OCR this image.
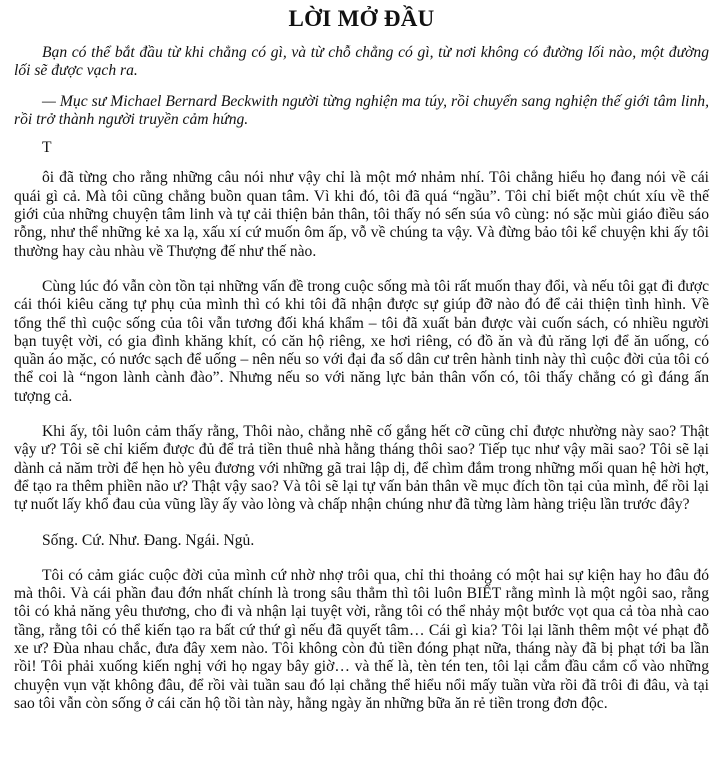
LỜI MỞ ĐẦU

Bạn có thể bắt đầu từ khi chẳng có gì, và từ chỗ chẳng có gì, từ nơi không có đường lối nào, một đường lối sẽ được vạch ra.

— Mục sư Michael Bernard Beckwith người từng nghiện ma túy, rồi chuyển sang nghiện thế giới tâm linh, rồi trở thành người truyền cảm hứng.

T

ôi đã từng cho rằng những câu nói như vậy chỉ là một mớ nhảm nhí. Tôi chẳng hiểu họ đang nói về cái quái gì cả. Mà tôi cũng chẳng buồn quan tâm. Vì khi đó, tôi đã quá “ngầu”. Tôi chỉ biết một chút xíu về thế giới của những chuyện tâm linh và tự cải thiện bản thân, tôi thấy nó sến súa vô cùng: nó sặc mùi giáo điều sáo rỗng, như thể những kẻ xa lạ, xấu xí cứ muốn ôm ấp, vỗ về chúng ta vậy. Và đừng bảo tôi kể chuyện khi ấy tôi thường hay càu nhàu về Thượng đế như thế nào.

Cùng lúc đó vẫn còn tồn tại những vấn đề trong cuộc sống mà tôi rất muốn thay đổi, và nếu tôi gạt đi được cái thói kiêu căng tự phụ của mình thì có khi tôi đã nhận được sự giúp đỡ nào đó để cải thiện tình hình. Về tổng thể thì cuộc sống của tôi vẫn tương đối khá khẩm – tôi đã xuất bản được vài cuốn sách, có nhiều người bạn tuyệt vời, có gia đình khăng khít, có căn hộ riêng, xe hơi riêng, có đồ ăn và đủ răng lợi để ăn uống, có quần áo mặc, có nước sạch để uống – nên nếu so với đại đa số dân cư trên hành tinh này thì cuộc đời của tôi có thể coi là “ngon lành cành đào”. Nhưng nếu so với năng lực bản thân vốn có, tôi thấy chẳng có gì đáng ấn tượng cả.

Khi ấy, tôi luôn cảm thấy rằng, Thôi nào, chẳng nhẽ cố gắng hết cỡ cũng chỉ được nhường này sao? Thật vậy ư? Tôi sẽ chỉ kiếm được đủ để trả tiền thuê nhà hằng tháng thôi sao? Tiếp tục như vậy mãi sao? Tôi sẽ lại dành cả năm trời để hẹn hò yêu đương với những gã trai lập dị, để chìm đắm trong những mối quan hệ hời hợt, để tạo ra thêm phiền não ư? Thật vậy sao? Và tôi sẽ lại tự vấn bản thân về mục đích tồn tại của mình, để rồi lại tự nuốt lấy khổ đau của vũng lầy ấy vào lòng và chấp nhận chúng như đã từng làm hàng triệu lần trước đây?

Sống. Cứ. Như. Đang. Ngái. Ngủ.

Tôi có cảm giác cuộc đời của mình cứ nhờ nhợ trôi qua, chỉ thi thoảng có một hai sự kiện hay ho đâu đó mà thôi. Và cái phần đau đớn nhất chính là trong sâu thẳm thì tôi luôn BIẾT rằng mình là một ngôi sao, rằng tôi có khả năng yêu thương, cho đi và nhận lại tuyệt vời, rằng tôi có thể nhảy một bước vọt qua cả tòa nhà cao tầng, rằng tôi có thể kiến tạo ra bất cứ thứ gì nếu đã quyết tâm… Cái gì kia? Tôi lại lãnh thêm một vé phạt đỗ xe ư? Đùa nhau chắc, đưa đây xem nào. Tôi không còn đủ tiền đóng phạt nữa, tháng này đã bị phạt tới ba lần rồi! Tôi phải xuống kiến nghị với họ ngay bây giờ… và thế là, tèn tén ten, tôi lại cắm đầu cắm cổ vào những chuyện vụn vặt không đâu, để rồi vài tuần sau đó lại chẳng thể hiểu nổi mấy tuần vừa rồi đã trôi đi đâu, và tại sao tôi vẫn còn sống ở cái căn hộ tồi tàn này, hằng ngày ăn những bữa ăn rẻ tiền trong đơn độc.
